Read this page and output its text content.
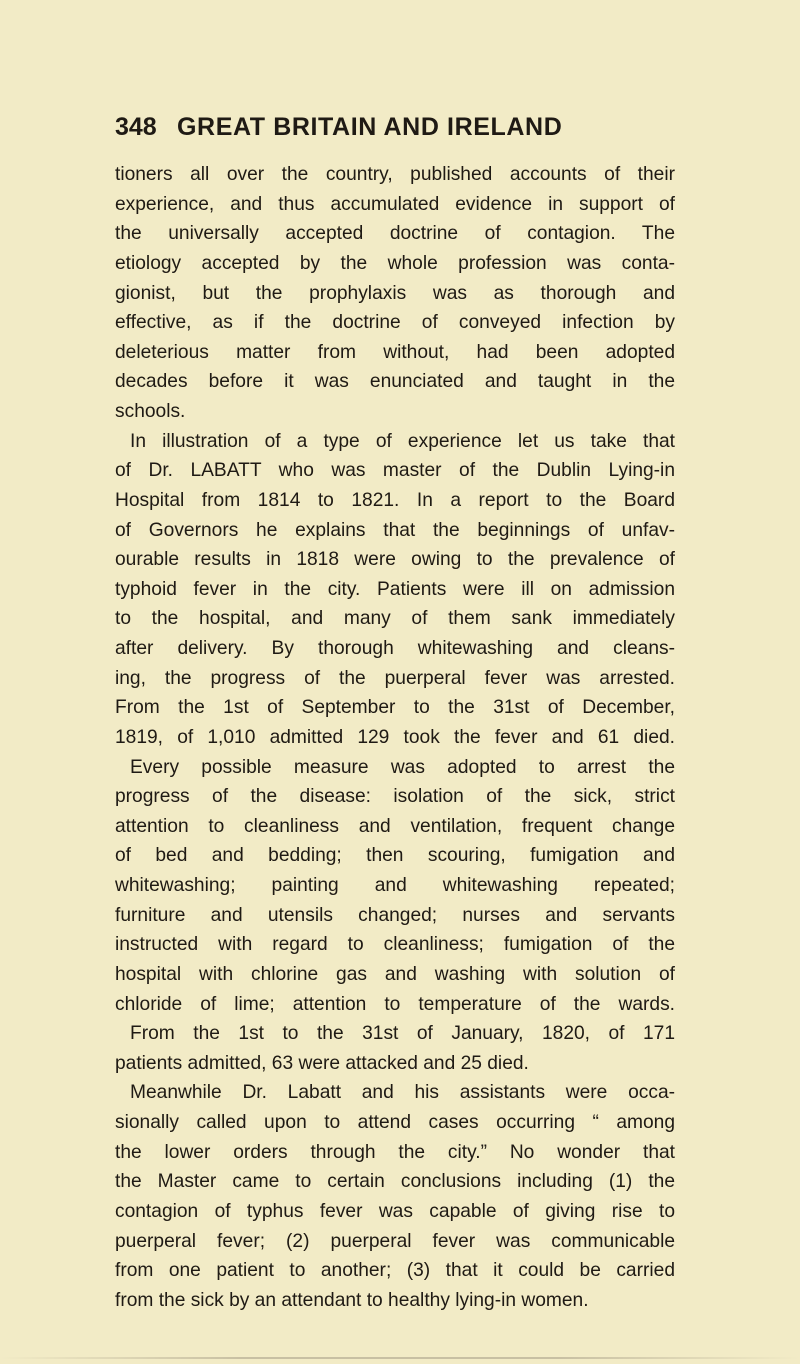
348 GREAT BRITAIN AND IRELAND
tioners all over the country, published accounts of their
experience, and thus accumulated evidence in support of
the universally accepted doctrine of contagion. The
etiology accepted by the whole profession was conta-
gionist, but the prophylaxis was as thorough and
effective, as if the doctrine of conveyed infection by
deleterious matter from without, had been adopted
decades before it was enunciated and taught in the
schools.
In illustration of a type of experience let us take that
of Dr. LABATT who was master of the Dublin Lying-in
Hospital from 1814 to 1821. In a report to the Board
of Governors he explains that the beginnings of unfav-
ourable results in 1818 were owing to the prevalence of
typhoid fever in the city. Patients were ill on admission
to the hospital, and many of them sank immediately
after delivery. By thorough whitewashing and cleans-
ing, the progress of the puerperal fever was arrested.
From the 1st of September to the 31st of December,
1819, of 1,010 admitted 129 took the fever and 61 died.
Every possible measure was adopted to arrest the
progress of the disease: isolation of the sick, strict
attention to cleanliness and ventilation, frequent change
of bed and bedding; then scouring, fumigation and
whitewashing; painting and whitewashing repeated;
furniture and utensils changed; nurses and servants
instructed with regard to cleanliness; fumigation of the
hospital with chlorine gas and washing with solution of
chloride of lime; attention to temperature of the wards.
From the 1st to the 31st of January, 1820, of 171
patients admitted, 63 were attacked and 25 died.
Meanwhile Dr. Labatt and his assistants were occa-
sionally called upon to attend cases occurring “ among
the lower orders through the city.” No wonder that
the Master came to certain conclusions including (1) the
contagion of typhus fever was capable of giving rise to
puerperal fever; (2) puerperal fever was communicable
from one patient to another; (3) that it could be carried
from the sick by an attendant to healthy lying-in women.
